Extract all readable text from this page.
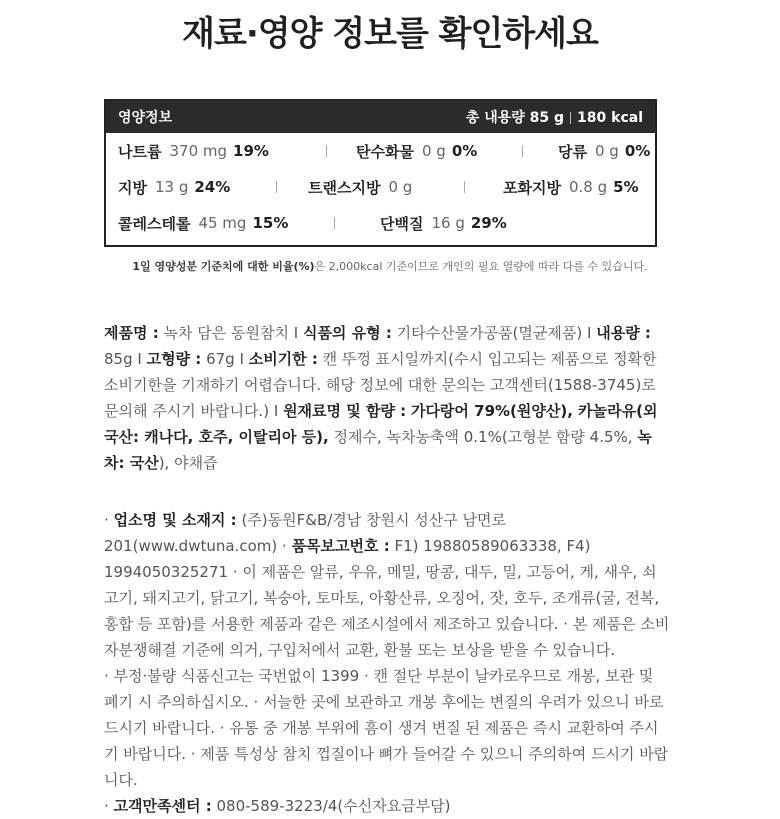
재료·영양 정보를 확인하세요
영양정보	총 내용량 85 g 180 kcal
나트륨 370 mg 19%	탄수화물 0 g 0%	당류 0 g 0%
지방 13 g 24%	트랜스지방 0 g	포화지방 0.8 g 5%
콜레스테롤 45 mg 15%	단백질 16 g 29%
1일 영양성분 기준치에 대한 비율(%)은 2,000kcal 기준이므로 개인의 필요 열량에 따라 다를 수 있습니다.
제품명 : 녹차 담은 동원참치 I 식품의 유형 : 기타수산물가공품(멸균제품) I 내용량 : 85g I 고형량 : 67g I 소비기한 : 캔 뚜껑 표시일까지(수시 입고되는 제품으로 정확한 소비기한을 기재하기 어렵습니다. 해당 정보에 대한 문의는 고객센터(1588-3745)로 문의해 주시기 바랍니다.) I 원재료명 및 함량 : 가다랑어 79%(원양산), 카놀라유(외국산: 캐나다, 호주, 이탈리아 등), 정제수, 녹차농축액 0.1%(고형분 함량 4.5%, 녹차: 국산), 야채즙
· 업소명 및 소재지 : (주)동원F&B/경남 창원시 성산구 남면로 201(www.dwtuna.com) · 품목보고번호 : F1) 19880589063338, F4) 1994050325271 · 이 제품은 알류, 우유, 메밀, 땅콩, 대두, 밀, 고등어, 게, 새우, 쇠고기, 돼지고기, 닭고기, 복숭아, 토마토, 아황산류, 오징어, 잣, 호두, 조개류(굴, 전복, 홍합 등 포함)를 서용한 제품과 같은 제조시설에서 제조하고 있습니다. · 본 제품은 소비자분쟁해결 기준에 의거, 구입처에서 교환, 환불 또는 보상을 받을 수 있습니다.
· 부정·불량 식품신고는 국번없이 1399 · 캔 절단 부분이 날카로우므로 개봉, 보관 및 폐기 시 주의하십시오. · 서늘한 곳에 보관하고 개봉 후에는 변질의 우려가 있으니 바로 드시기 바랍니다. · 유통 중 개봉 부위에 흠이 생겨 변질 된 제품은 즉시 교환하여 주시기 바랍니다. · 제품 특성상 참치 껍질이나 뼈가 들어갈 수 있으니 주의하여 드시기 바랍니다.
· 고객만족센터 : 080-589-3223/4(수신자요금부담)
